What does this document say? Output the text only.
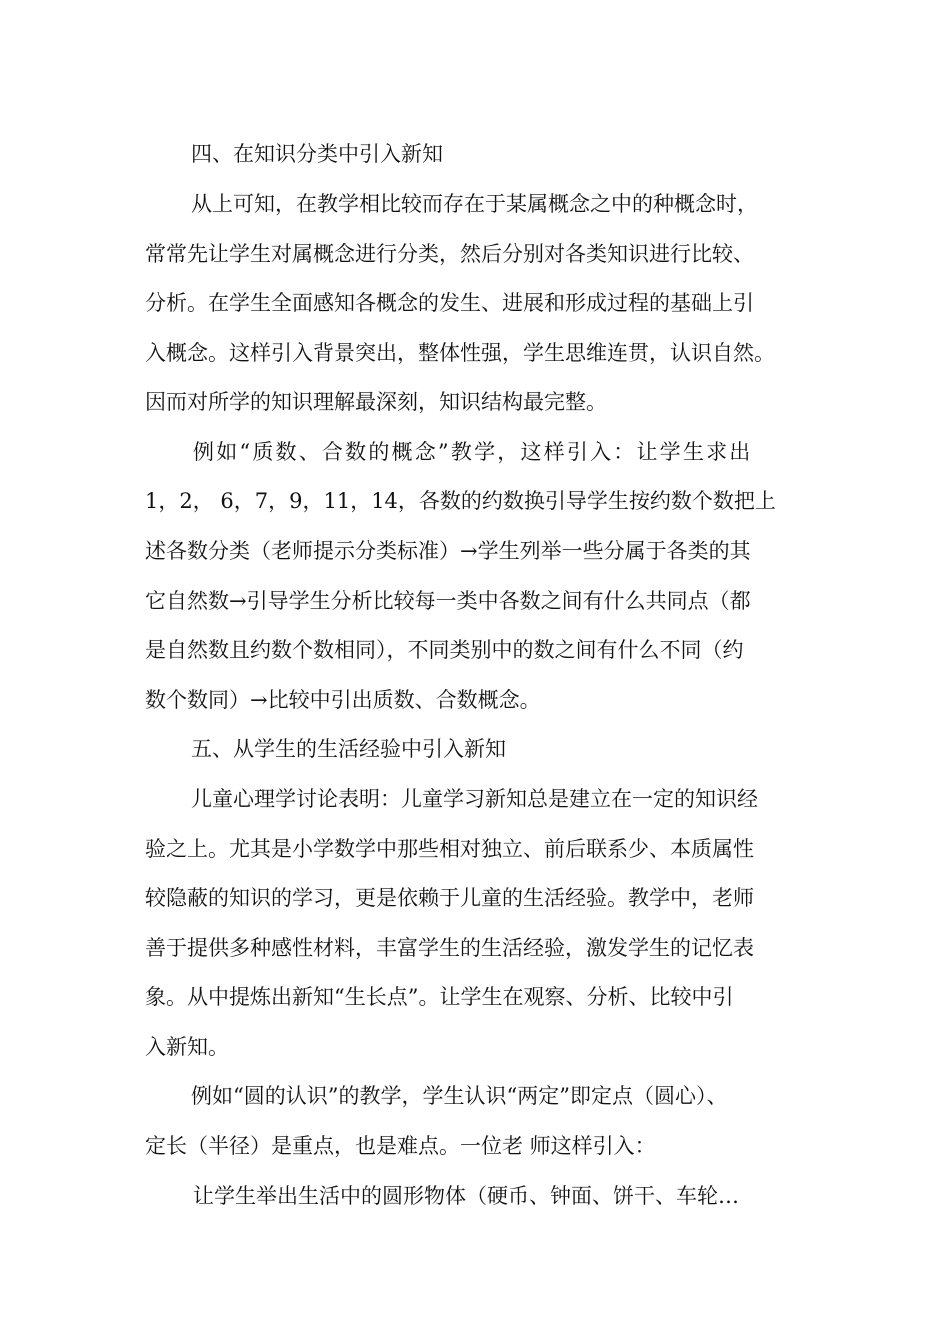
四、在知识分类中引入新知
从上可知，在教学相比较而存在于某属概念之中的种概念时，
常常先让学生对属概念进行分类，然后分别对各类知识进行比较、
分析。在学生全面感知各概念的发生、进展和形成过程的基础上引
入概念。这样引入背景突出，整体性强，学生思维连贯，认识自然。
因而对所学的知识理解最深刻，知识结构最完整。
例如“质数、合数的概念”教学，这样引入：让学生求出
1，2， 6，7，9，11，14，各数的约数换引导学生按约数个数把上
述各数分类（老师提示分类标准）→学生列举一些分属于各类的其
它自然数→引导学生分析比较每一类中各数之间有什么共同点（都
是自然数且约数个数相同），不同类别中的数之间有什么不同（约
数个数同）→比较中引出质数、合数概念。
五、从学生的生活经验中引入新知
儿童心理学讨论表明：儿童学习新知总是建立在一定的知识经
验之上。尤其是小学数学中那些相对独立、前后联系少、本质属性
较隐蔽的知识的学习，更是依赖于儿童的生活经验。教学中，老师
善于提供多种感性材料，丰富学生的生活经验，激发学生的记忆表
象。从中提炼出新知“生长点”。让学生在观察、分析、比较中引
入新知。
例如“圆的认识”的教学，学生认识“两定”即定点（圆心）、
定长（半径）是重点，也是难点。一位老 师这样引入：
让学生举出生活中的圆形物体（硬币、钟面、饼干、车轮…
